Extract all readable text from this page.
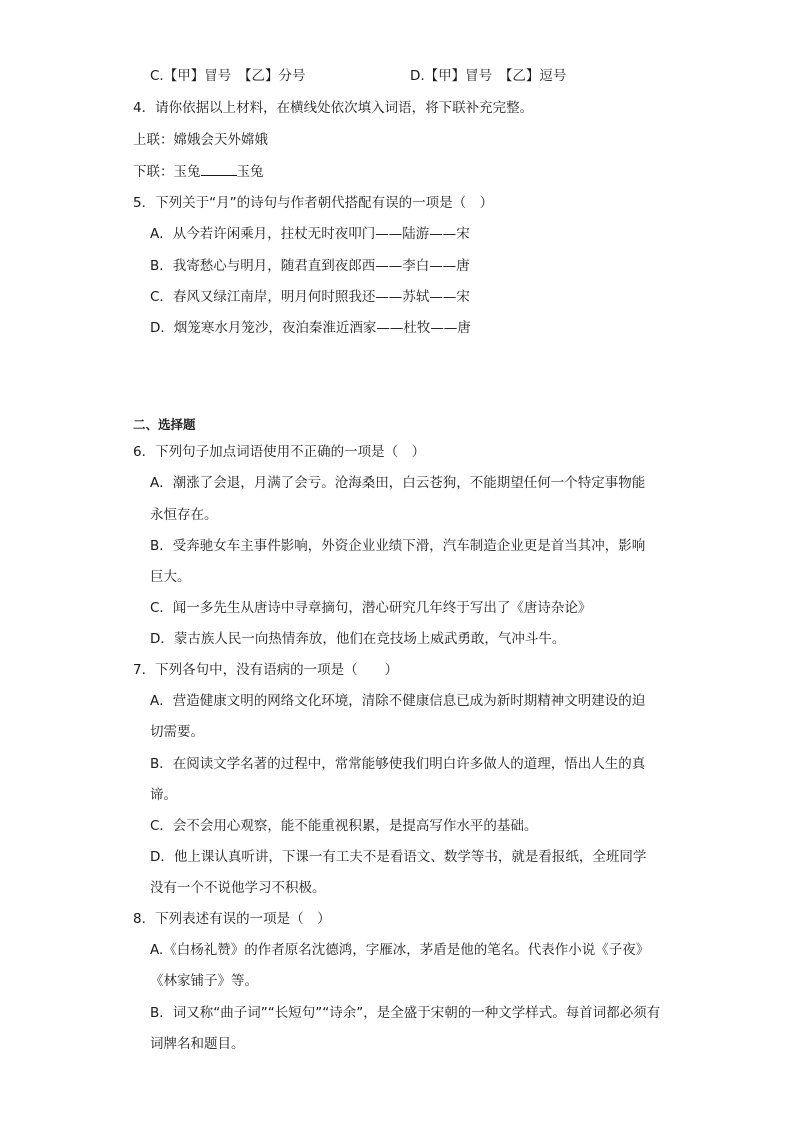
C.【甲】冒号　【乙】分号	D.【甲】冒号　【乙】逗号
4．请你依据以上材料，在横线处依次填入词语，将下联补充完整。
上联：嫦娥会天外嫦娥
下联：玉兔	玉兔
5．下列关于“月”的诗句与作者朝代搭配有误的一项是（　）
A．从今若许闲乘月，拄杖无时夜叩门——陆游——宋
B．我寄愁心与明月，随君直到夜郎西——李白——唐
C．春风又绿江南岸，明月何时照我还——苏轼——宋
D．烟笼寒水月笼沙，夜泊秦淮近酒家——杜牧——唐
二、选择题
6．下列句子加点词语使用不正确的一项是（　）
A．潮涨了会退，月满了会亏。沧海桑田，白云苍狗，不能期望任何一个特定事物能
永恒存在。
B．受奔驰女车主事件影响，外资企业业绩下滑，汽车制造企业更是首当其冲，影响
巨大。
C．闻一多先生从唐诗中寻章摘句，潜心研究几年终于写出了《唐诗杂论》
D．蒙古族人民一向热情奔放，他们在竞技场上威武勇敢，气冲斗牛。
7．下列各句中，没有语病的一项是（　　）
A．营造健康文明的网络文化环境，清除不健康信息已成为新时期精神文明建设的迫
切需要。
B．在阅读文学名著的过程中，常常能够使我们明白许多做人的道理，悟出人生的真
谛。
C．会不会用心观察，能不能重视积累，是提高写作水平的基础。
D．他上课认真听讲，下课一有工夫不是看语文、数学等书，就是看报纸，全班同学
没有一个不说他学习不积极。
8．下列表述有误的一项是（　）
A.《白杨礼赞》的作者原名沈德鸿，字雁冰，茅盾是他的笔名。代表作小说《子夜》
《林家铺子》等。
B．词又称“曲子词”“长短句”“诗余”，是全盛于宋朝的一种文学样式。每首词都必须有
词牌名和题目。
